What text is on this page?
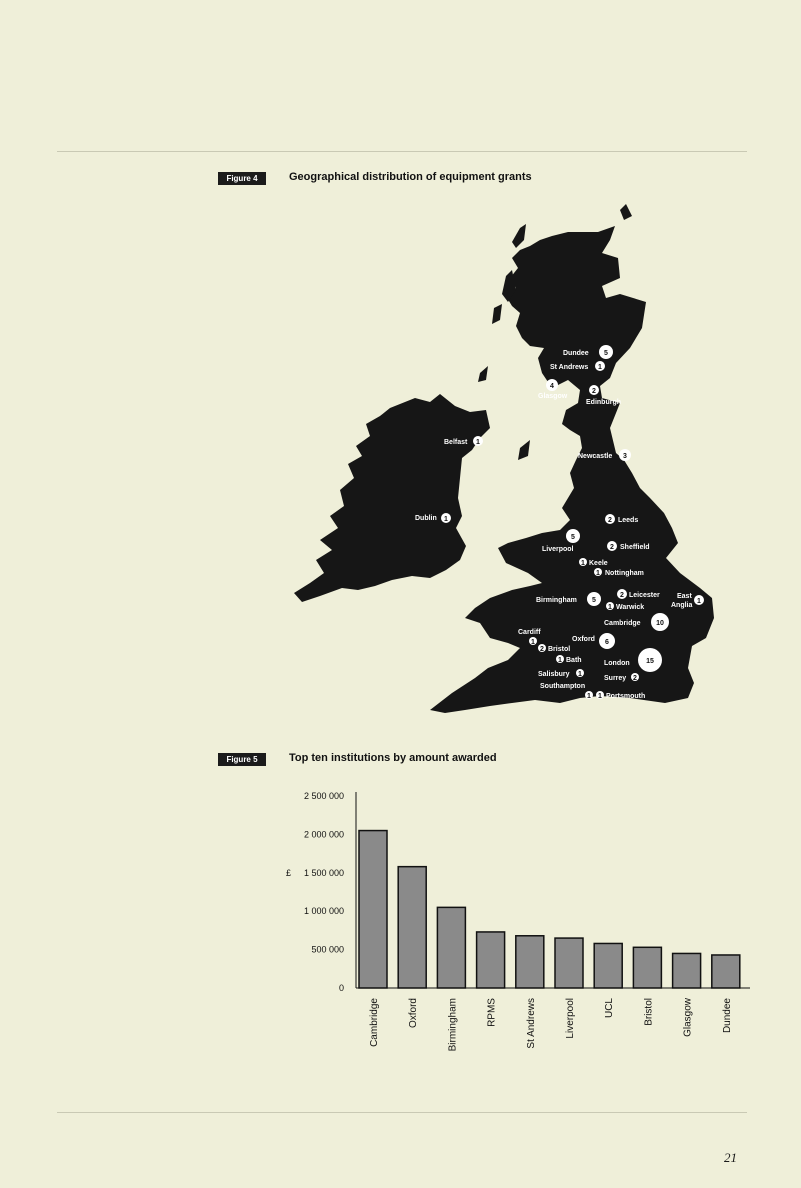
Figure 4	Geographical distribution of equipment grants
Dundee 5
St Andrews 1
4
Glasgow
2
Edinburgh
Belfast 1
Newcastle 3
Dublin 1	2 Leeds
5
Liverpool	2 Sheffield
1 Keele
1 Nottingham
2 Leicester East
Anglia
1
Birmingham 5
1 Warwick
Cambridge 10
Cardiff
1	Oxford 6
2 Bristol
1 Bath	London 15
Salisbury 1
Surrey 2
Southampton
1 1 Portsmouth
Figure 5	Top ten institutions by amount awarded
0
500 000
1 000 000
1 500 000
2 000 000
2 500 000
Cambridge	Oxford	Birmingham	RPMS	St Andrews	Liverpool	UCL	Bristol	Glasgow	Dundee
£
21
